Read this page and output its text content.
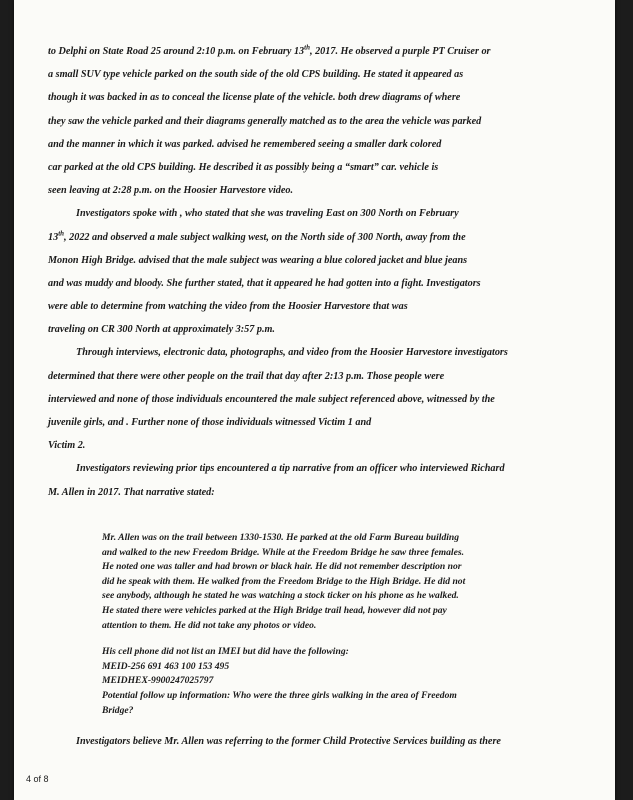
to Delphi on State Road 25 around 2:10 p.m. on February 13th, 2017. He observed a purple PT Cruiser or
a small SUV type vehicle parked on the south side of the old CPS building. He stated it appeared as
though it was backed in as to conceal the license plate of the vehicle. both drew diagrams of where
they saw the vehicle parked and their diagrams generally matched as to the area the vehicle was parked
and the manner in which it was parked. advised he remembered seeing a smaller dark colored
car parked at the old CPS building. He described it as possibly being a “smart” car. vehicle is
seen leaving at 2:28 p.m. on the Hoosier Harvestore video.
Investigators spoke with , who stated that she was traveling East on 300 North on February
13th, 2022 and observed a male subject walking west, on the North side of 300 North, away from the
Monon High Bridge. advised that the male subject was wearing a blue colored jacket and blue jeans
and was muddy and bloody. She further stated, that it appeared he had gotten into a fight. Investigators
were able to determine from watching the video from the Hoosier Harvestore that was
traveling on CR 300 North at approximately 3:57 p.m.
Through interviews, electronic data, photographs, and video from the Hoosier Harvestore investigators
determined that there were other people on the trail that day after 2:13 p.m. Those people were
interviewed and none of those individuals encountered the male subject referenced above, witnessed by the
juvenile girls, and . Further none of those individuals witnessed Victim 1 and
Victim 2.
Investigators reviewing prior tips encountered a tip narrative from an officer who interviewed Richard
M. Allen in 2017. That narrative stated:
Mr. Allen was on the trail between 1330-1530. He parked at the old Farm Bureau building
and walked to the new Freedom Bridge. While at the Freedom Bridge he saw three females.
He noted one was taller and had brown or black hair. He did not remember description nor
did he speak with them. He walked from the Freedom Bridge to the High Bridge. He did not
see anybody, although he stated he was watching a stock ticker on his phone as he walked.
He stated there were vehicles parked at the High Bridge trail head, however did not pay
attention to them. He did not take any photos or video.
His cell phone did not list an IMEI but did have the following:
MEID-256 691 463 100 153 495
MEIDHEX-9900247025797
Potential follow up information: Who were the three girls walking in the area of Freedom
Bridge?
Investigators believe Mr. Allen was referring to the former Child Protective Services building as there
4 of 8
